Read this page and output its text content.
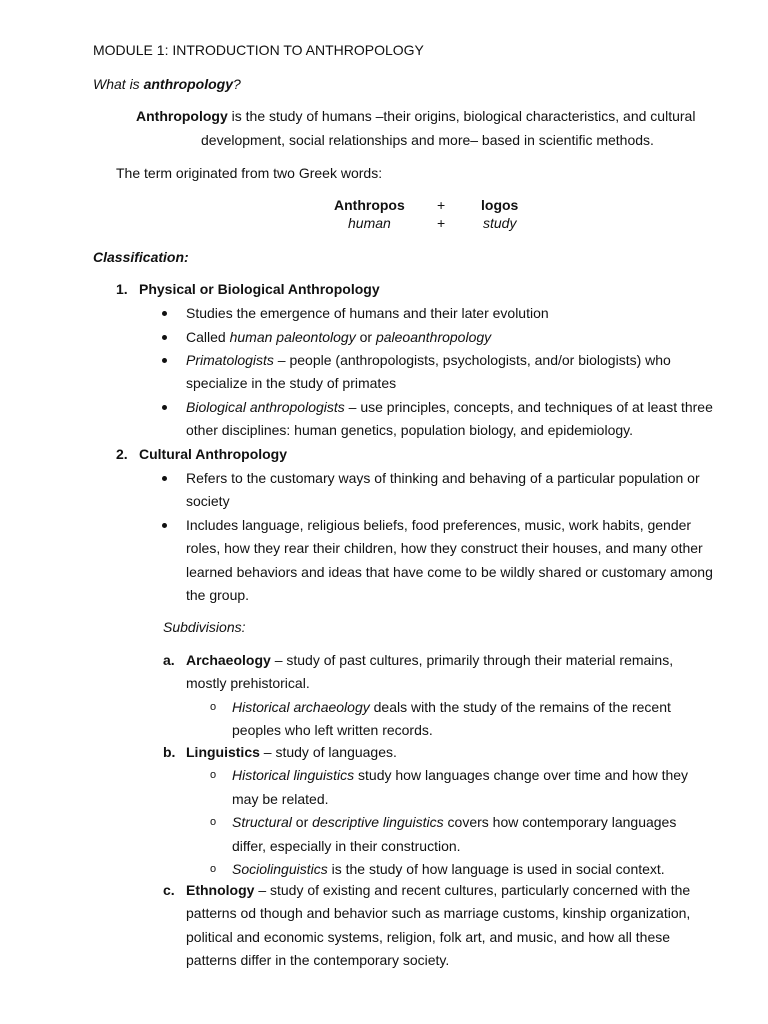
MODULE 1: INTRODUCTION TO ANTHROPOLOGY
What is anthropology?
Anthropology is the study of humans –their origins, biological characteristics, and cultural
development, social relationships and more– based in scientific methods.
The term originated from two Greek words:
Anthropos +	logos
human	+	study
Classification:
1. Physical or Biological Anthropology
Studies the emergence of humans and their later evolution
Called human paleontology or paleoanthropology
Primatologists – people (anthropologists, psychologists, and/or biologists) who
specialize in the study of primates
Biological anthropologists – use principles, concepts, and techniques of at least three
other disciplines: human genetics, population biology, and epidemiology.
2. Cultural Anthropology
Refers to the customary ways of thinking and behaving of a particular population or
society
Includes language, religious beliefs, food preferences, music, work habits, gender
roles, how they rear their children, how they construct their houses, and many other
learned behaviors and ideas that have come to be wildly shared or customary among
the group.
Subdivisions:
a. Archaeology – study of past cultures, primarily through their material remains,
mostly prehistorical.
o Historical archaeology deals with the study of the remains of the recent
peoples who left written records.
b. Linguistics – study of languages.
o Historical linguistics study how languages change over time and how they
may be related.
o Structural or descriptive linguistics covers how contemporary languages
differ, especially in their construction.
o Sociolinguistics is the study of how language is used in social context.
c. Ethnology – study of existing and recent cultures, particularly concerned with the
patterns od though and behavior such as marriage customs, kinship organization,
political and economic systems, religion, folk art, and music, and how all these
patterns differ in the contemporary society.
